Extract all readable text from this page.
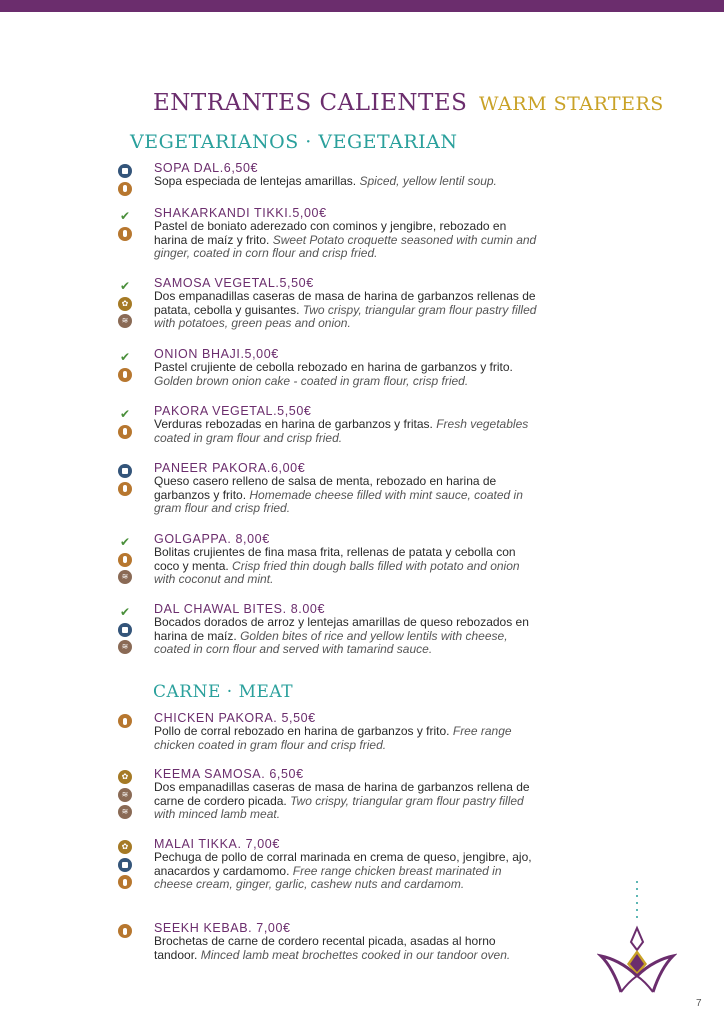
ENTRANTES CALIENTES WARM STARTERS
VEGETARIANOS · VEGETARIAN
CARNE · MEAT
SOPA DAL.6,50€
Sopa especiada de lentejas amarillas. Spiced, yellow lentil soup.
✔ SHAKARKANDI TIKKI.5,00€
Pastel de boniato aderezado con cominos y jengibre, rebozado en harina de maíz y frito. Sweet Potato croquette seasoned with cumin and ginger, coated in corn flour and crisp fried.
✔
✿
≋
SAMOSA VEGETAL.5,50€
Dos empanadillas caseras de masa de harina de garbanzos rellenas de patata, cebolla y guisantes. Two crispy, triangular gram flour pastry filled with potatoes, green peas and onion.
✔ ONION BHAJI.5,00€
Pastel crujiente de cebolla rebozado en harina de garbanzos y frito. Golden brown onion cake - coated in gram flour, crisp fried.
✔ PAKORA VEGETAL.5,50€
Verduras rebozadas en harina de garbanzos y fritas. Fresh vegetables coated in gram flour and crisp fried.
PANEER PAKORA.6,00€
Queso casero relleno de salsa de menta, rebozado en harina de garbanzos y frito. Homemade cheese filled with mint sauce, coated in gram flour and crisp fried.
✔
≋
GOLGAPPA. 8,00€
Bolitas crujientes de fina masa frita, rellenas de patata y cebolla con coco y menta. Crisp fried thin dough balls filled with potato and onion with coconut and mint.
✔
≋
DAL CHAWAL BITES. 8.00€
Bocados dorados de arroz y lentejas amarillas de queso rebozados en harina de maíz. Golden bites of rice and yellow lentils with cheese, coated in corn flour and served with tamarind sauce.
CHICKEN PAKORA. 5,50€
Pollo de corral rebozado en harina de garbanzos y frito. Free range chicken coated in gram flour and crisp fried.
✿
≋
≋
KEEMA SAMOSA. 6,50€
Dos empanadillas caseras de masa de harina de garbanzos rellena de carne de cordero picada. Two crispy, triangular gram flour pastry filled with minced lamb meat.
✿ MALAI TIKKA. 7,00€
Pechuga de pollo de corral marinada en crema de queso, jengibre, ajo, anacardos y cardamomo. Free range chicken breast marinated in cheese cream, ginger, garlic, cashew nuts and cardamom.
SEEKH KEBAB. 7,00€
Brochetas de carne de cordero recental picada, asadas al horno tandoor. Minced lamb meat brochettes cooked in our tandoor oven.
7
